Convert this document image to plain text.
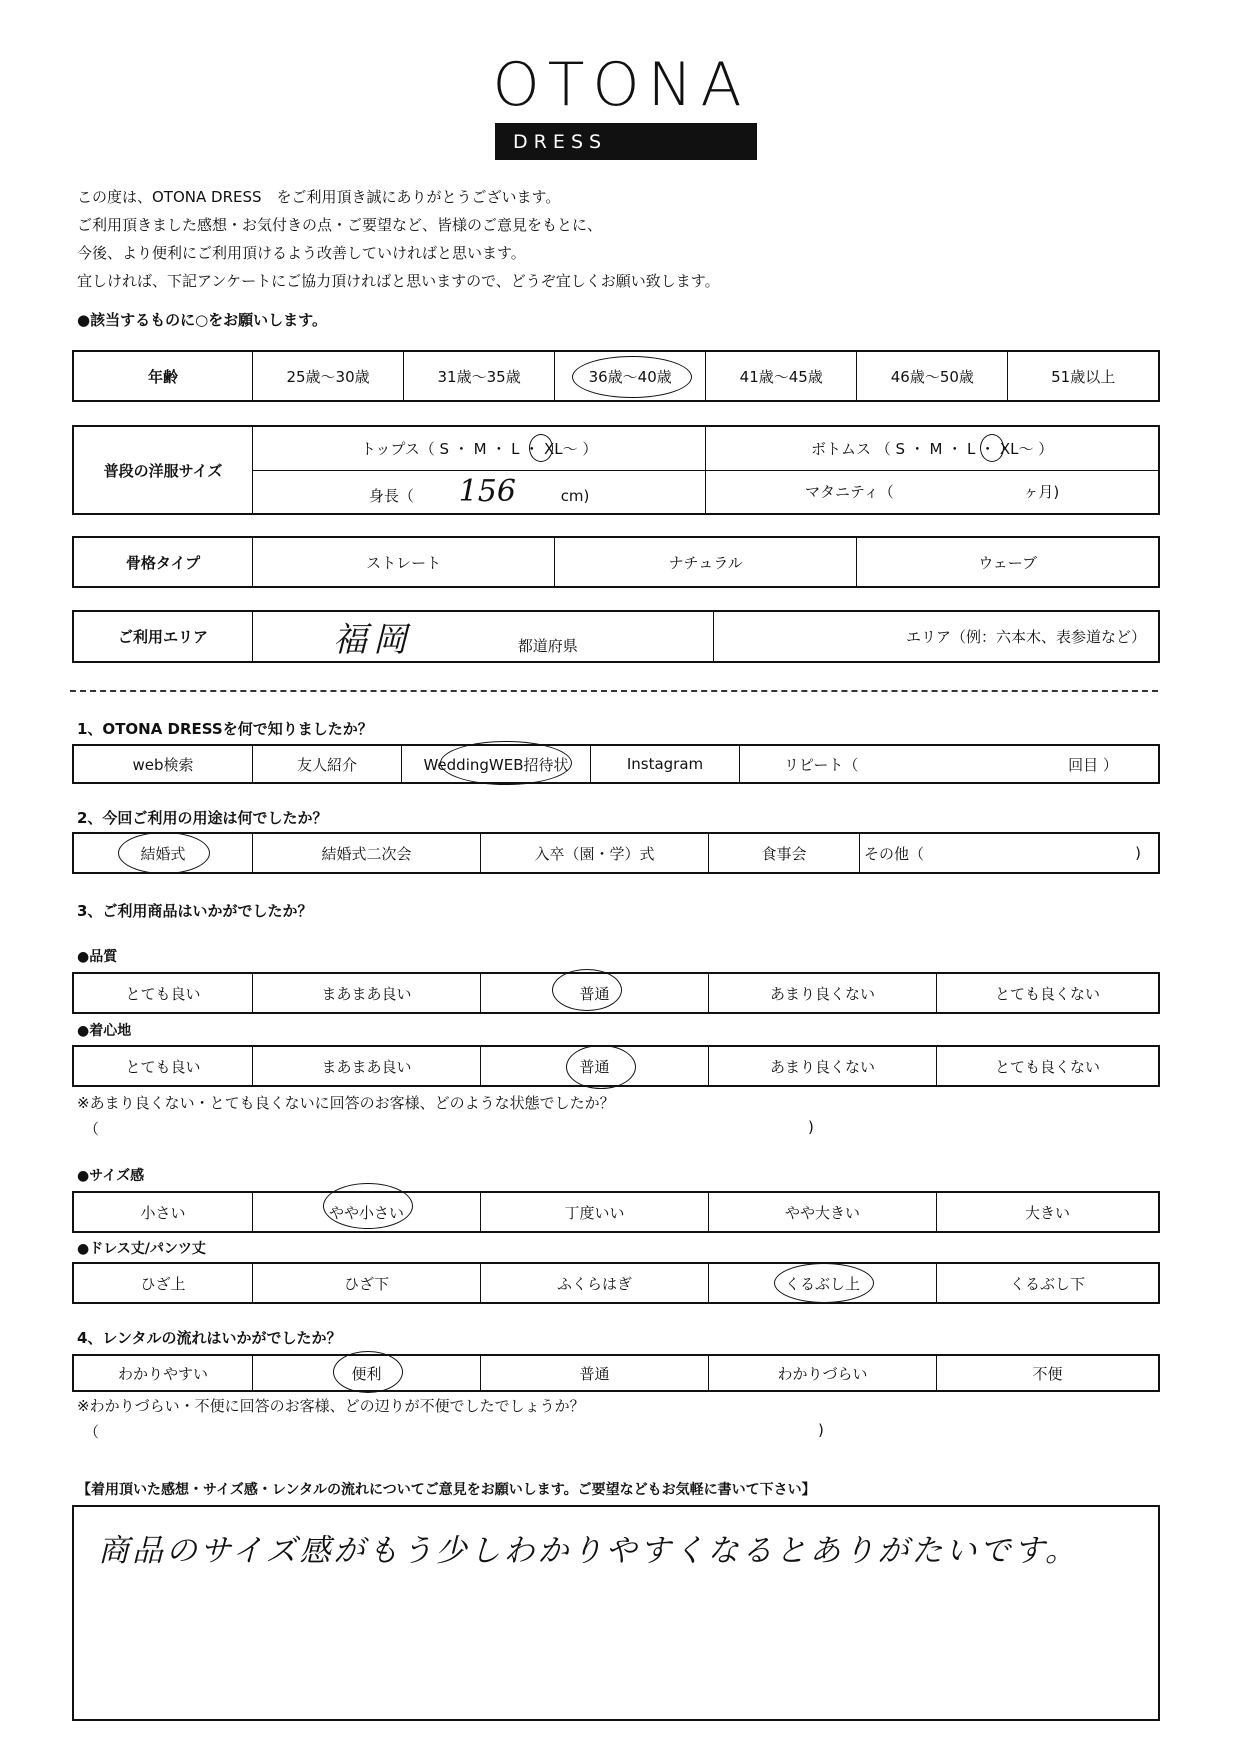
OTONA
D R E S S
この度は、OTONA DRESS　をご利用頂き誠にありがとうございます。
ご利用頂きました感想・お気付きの点・ご要望など、皆様のご意見をもとに、
今後、より便利にご利用頂けるよう改善していければと思います。
宜しければ、下記アンケートにご協力頂ければと思いますので、どうぞ宜しくお願い致します。
●該当するものに○をお願いします。
年齢	25歳～30歳	31歳～35歳	36歳～40歳	41歳～45歳	46歳～50歳	51歳以上
普段の洋服サイズ	トップス（ S ・ M ・ L ・ XL～ ）	ボトムス （ S ・ M ・ L ・ XL～ ）
	身長（ 156 cm)	マタニティ（ ヶ月)
骨格タイプ	ストレート	ナチュラル	ウェーブ
ご利用エリア	福岡	都道府県	エリア（例：六本木、表参道など）
1、OTONA DRESSを何で知りましたか？
web検索	友人紹介	WeddingWEB招待状	Instagram	リピート（	回目 ）
2、今回ご利用の用途は何でしたか？
結婚式	結婚式二次会	入卒（園・学）式	食事会	その他（	)
3、ご利用商品はいかがでしたか？
●品質
とても良い	まあまあ良い	普通	あまり良くない	とても良くない
●着心地
とても良い	まあまあ良い	普通	あまり良くない	とても良くない
※あまり良くない・とても良くないに回答のお客様、どのような状態でしたか？
（	)
●サイズ感
小さい	やや小さい	丁度いい	やや大きい	大きい
●ドレス丈/パンツ丈
ひざ上	ひざ下	ふくらはぎ	くるぶし上	くるぶし下
4、レンタルの流れはいかがでしたか？
わかりやすい	便利	普通	わかりづらい	不便
※わかりづらい・不便に回答のお客様、どの辺りが不便でしたでしょうか？
（	)
【着用頂いた感想・サイズ感・レンタルの流れについてご意見をお願いします。ご要望などもお気軽に書いて下さい】
商品のサイズ感がもう少しわかりやすくなるとありがたいです。
